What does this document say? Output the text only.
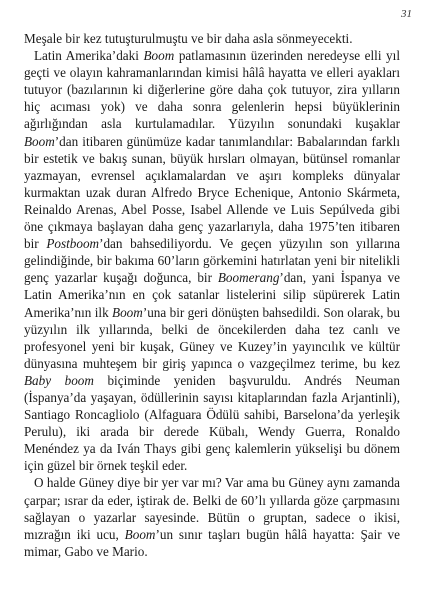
31

Meşale bir kez tutuşturulmuştu ve bir daha asla sönmeyecekti.

Latin Amerika’daki Boom patlamasının üzerinden neredeyse elli yıl geçti ve olayın kahramanlarından kimisi hâlâ hayatta ve elleri ayakları tutuyor (bazılarının ki diğerlerine göre daha çok tutuyor, zira yılların hiç acıması yok) ve daha sonra gelenlerin hepsi büyüklerinin ağırlığından asla kurtulamadılar. Yüzyılın sonundaki kuşaklar Boom’dan itibaren günümüze kadar tanımlandılar: Babalarından farklı bir estetik ve bakış sunan, büyük hırsları olmayan, bütünsel romanlar yazmayan, evrensel açıklamalardan ve aşırı kompleks dünyalar kurmaktan uzak duran Alfredo Bryce Echenique, Antonio Skármeta, Reinaldo Arenas, Abel Posse, Isabel Allende ve Luis Sepúlveda gibi öne çıkmaya başlayan daha genç yazarlarıyla, daha 1975’ten itibaren bir Postboom’dan bahsediliyordu. Ve geçen yüzyılın son yıllarına gelindiğinde, bir bakıma 60’ların görkemini hatırlatan yeni bir nitelikli genç yazarlar kuşağı doğunca, bir Boomerang’dan, yani İspanya ve Latin Amerika’nın en çok satanlar listelerini silip süpürerek Latin Amerika’nın ilk Boom’una bir geri dönüşten bahsedildi. Son olarak, bu yüzyılın ilk yıllarında, belki de öncekilerden daha tez canlı ve profesyonel yeni bir kuşak, Güney ve Kuzey’in yayıncılık ve kültür dünyasına muhteşem bir giriş yapınca o vazgeçilmez terime, bu kez Baby boom biçiminde yeniden başvuruldu. Andrés Neuman (İspanya’da yaşayan, ödüllerinin sayısı kitaplarından fazla Arjantinli), Santiago Roncagliolo (Alfaguara Ödülü sahibi, Barselona’da yerleşik Perulu), iki arada bir derede Kübalı, Wendy Guerra, Ronaldo Menéndez ya da Iván Thays gibi genç kalemlerin yükselişi bu dönem için güzel bir örnek teşkil eder.

O halde Güney diye bir yer var mı? Var ama bu Güney aynı zamanda çarpar; ısrar da eder, iştirak de. Belki de 60’lı yıllarda göze çarpmasını sağlayan o yazarlar sayesinde. Bütün o gruptan, sadece o ikisi, mızrağın iki ucu, Boom’un sınır taşları bugün hâlâ hayatta: Şair ve mimar, Gabo ve Mario.
